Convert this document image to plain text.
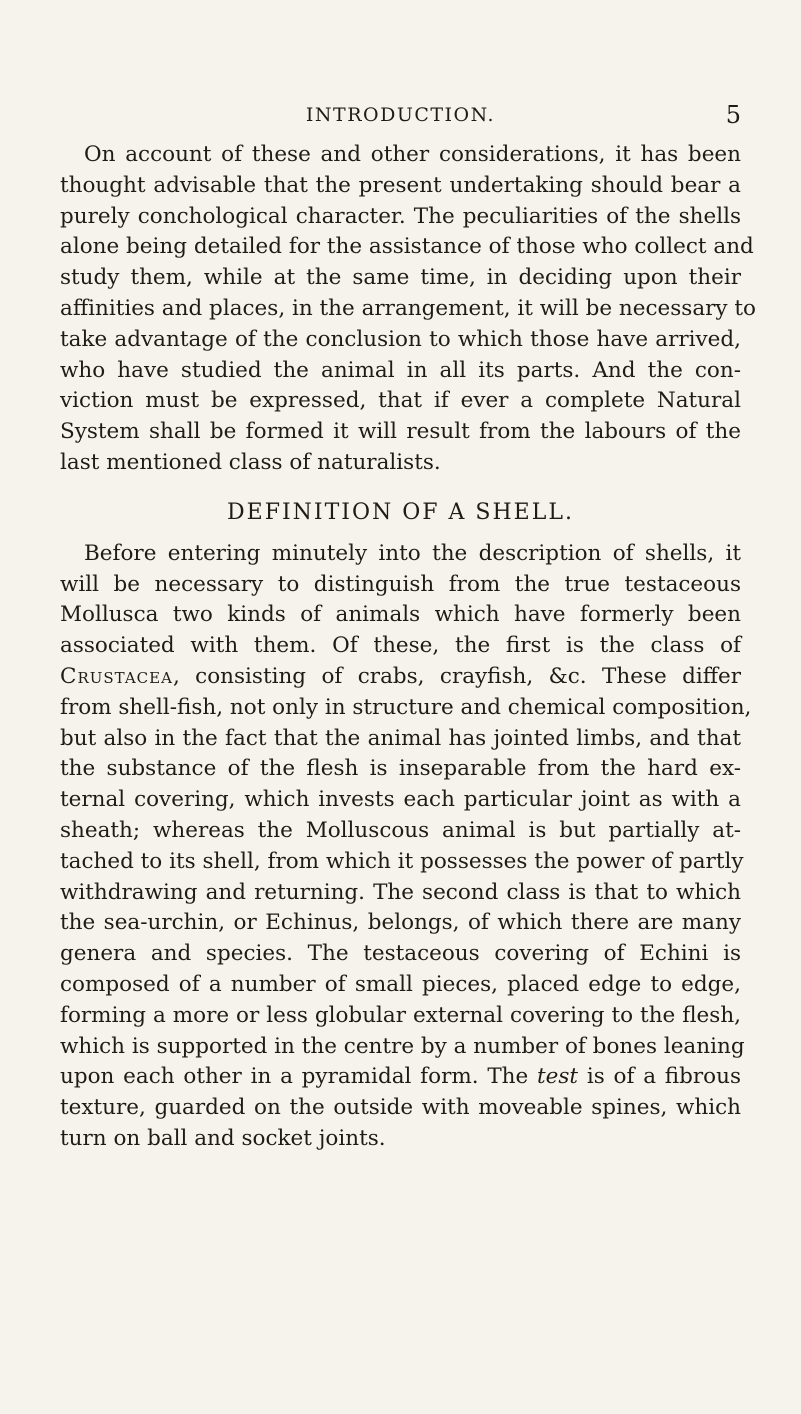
INTRODUCTION.	5

On account of these and other considerations, it has been
thought advisable that the present undertaking should bear a
purely conchological character. The peculiarities of the shells
alone being detailed for the assistance of those who collect and
study them, while at the same time, in deciding upon their
affinities and places, in the arrangement, it will be necessary to
take advantage of the conclusion to which those have arrived,
who have studied the animal in all its parts. And the con-
viction must be expressed, that if ever a complete Natural
System shall be formed it will result from the labours of the
last mentioned class of naturalists.

DEFINITION OF A SHELL.

Before entering minutely into the description of shells, it
will be necessary to distinguish from the true testaceous
Mollusca two kinds of animals which have formerly been
associated with them. Of these, the first is the class of
Crustacea, consisting of crabs, crayfish, &c. These differ
from shell-fish, not only in structure and chemical composition,
but also in the fact that the animal has jointed limbs, and that
the substance of the flesh is inseparable from the hard ex-
ternal covering, which invests each particular joint as with a
sheath; whereas the Molluscous animal is but partially at-
tached to its shell, from which it possesses the power of partly
withdrawing and returning. The second class is that to which
the sea-urchin, or Echinus, belongs, of which there are many
genera and species. The testaceous covering of Echini is
composed of a number of small pieces, placed edge to edge,
forming a more or less globular external covering to the flesh,
which is supported in the centre by a number of bones leaning
upon each other in a pyramidal form. The test is of a fibrous
texture, guarded on the outside with moveable spines, which
turn on ball and socket joints.
